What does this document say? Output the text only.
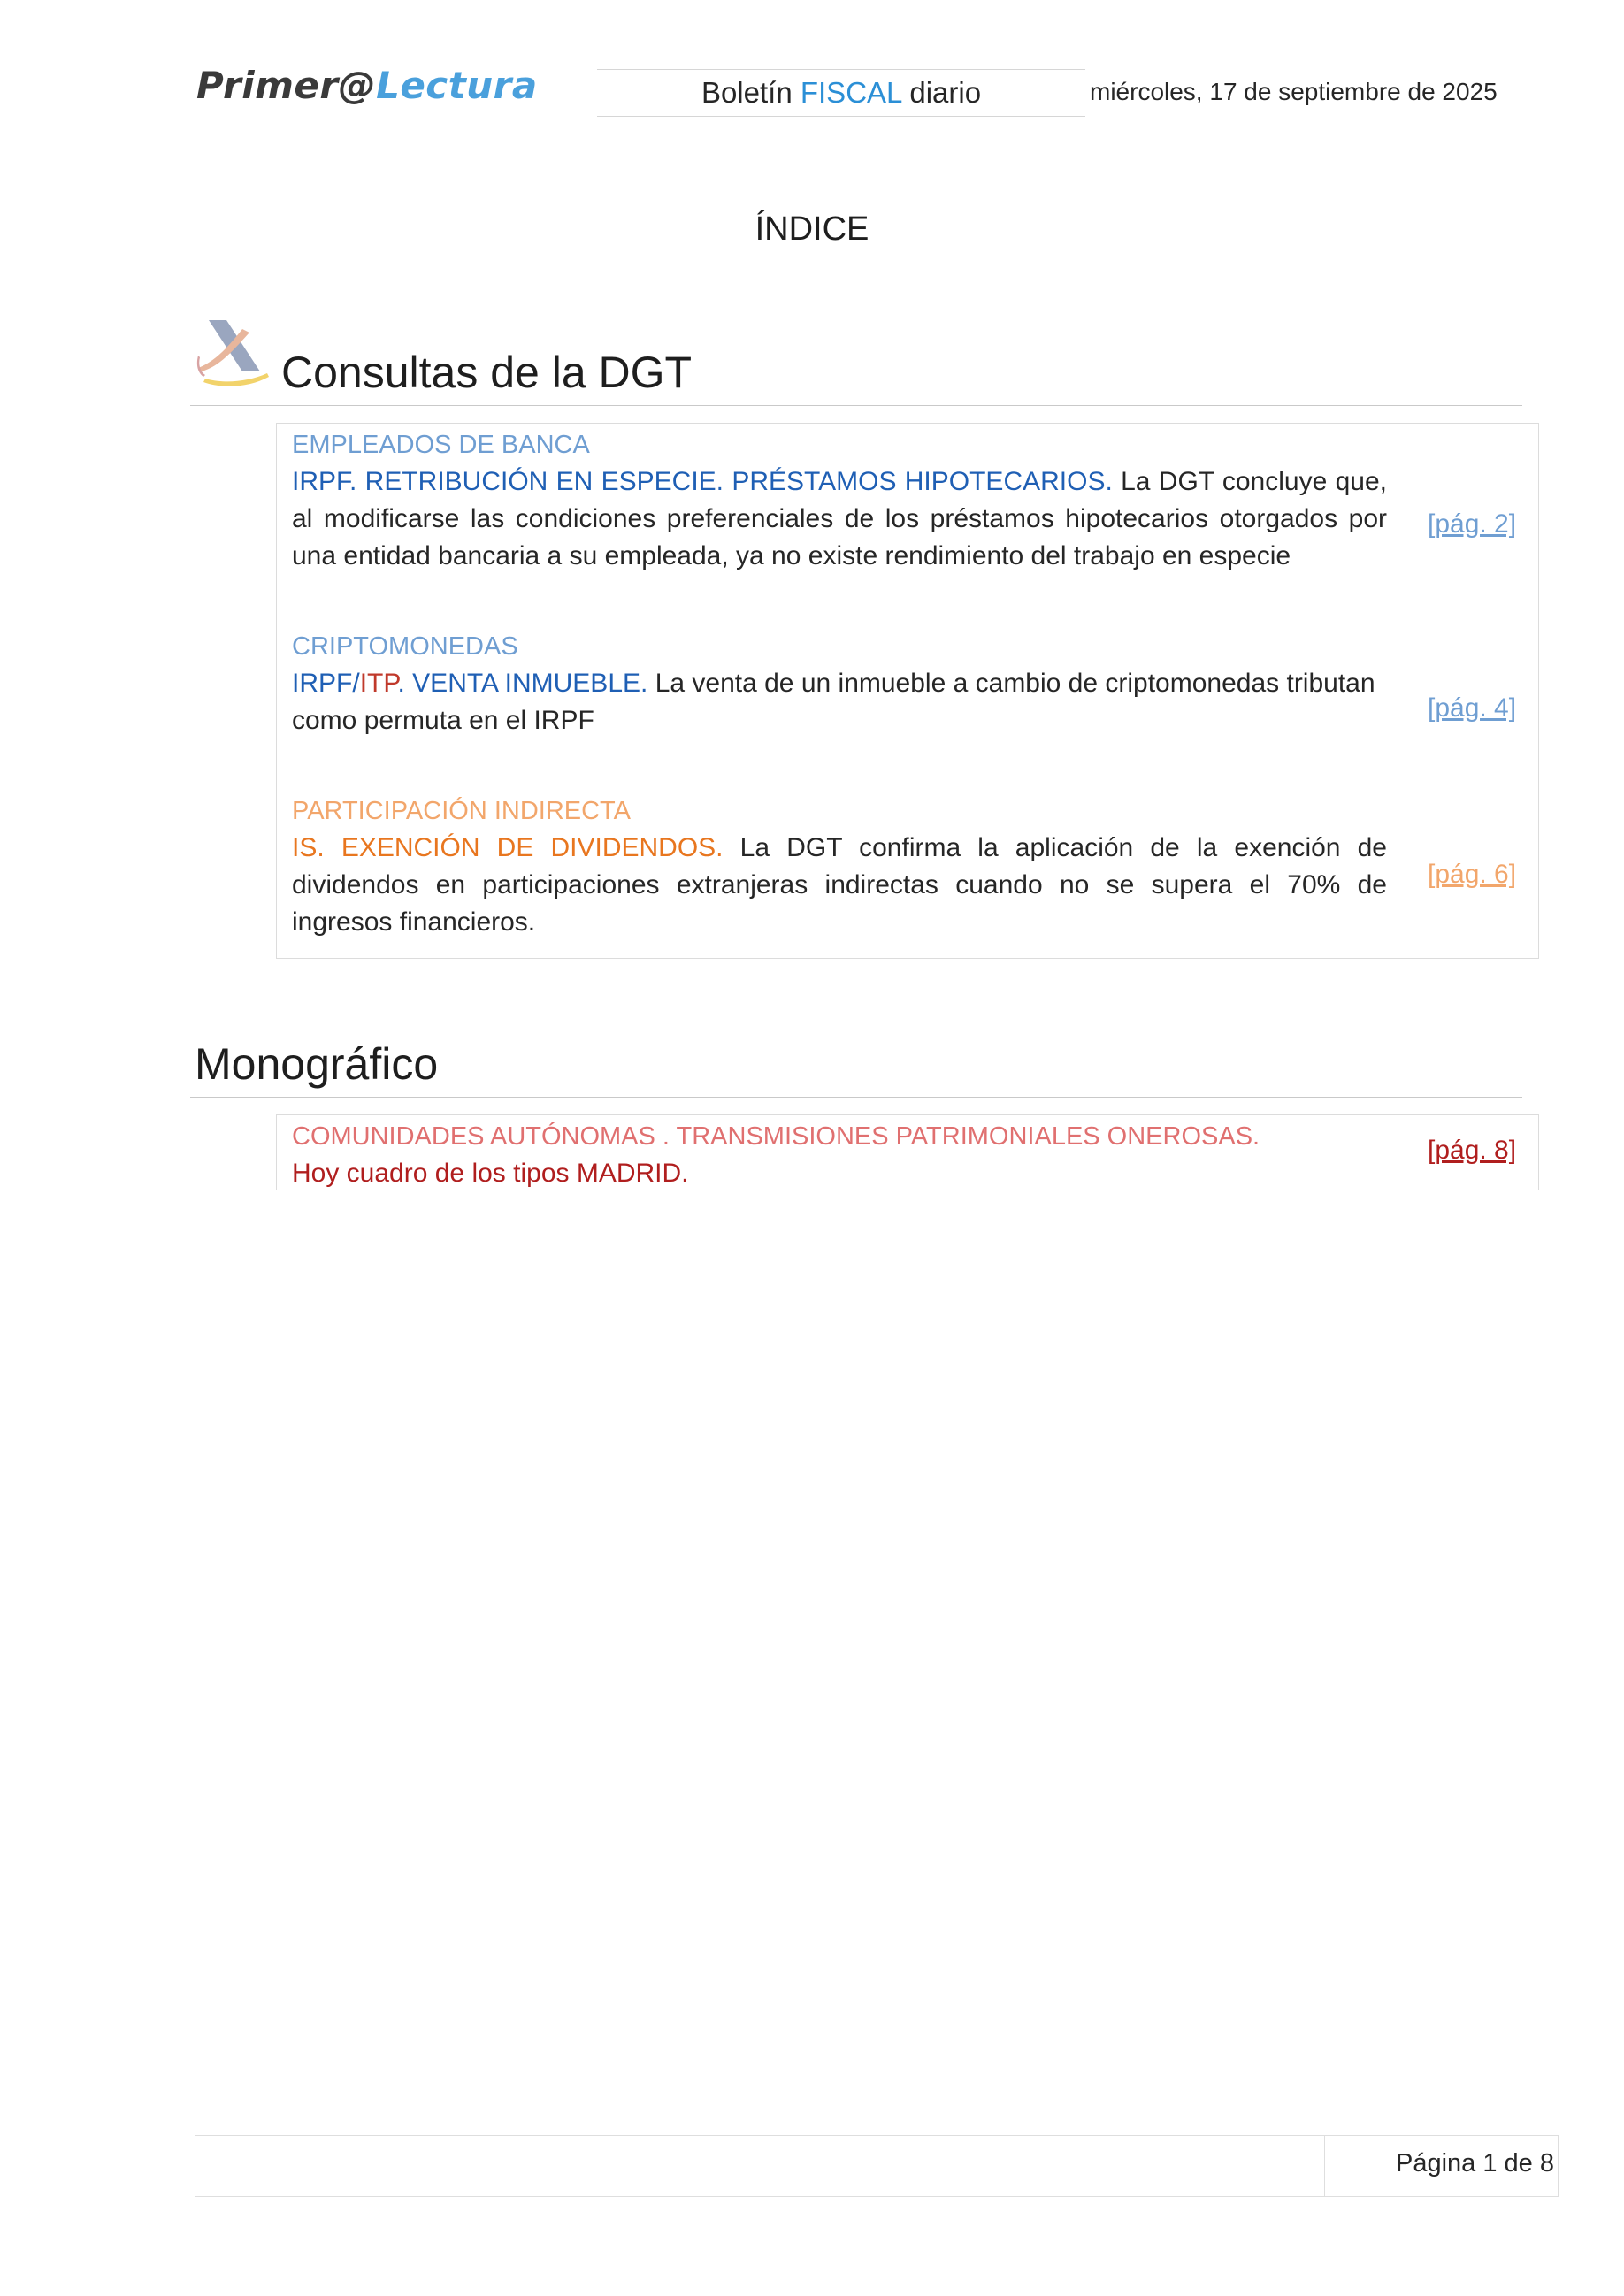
Primer@Lectura	Boletín FISCAL diario	miércoles, 17 de septiembre de 2025
ÍNDICE
Consultas de la DGT
EMPLEADOS DE BANCA
IRPF. RETRIBUCIÓN EN ESPECIE. PRÉSTAMOS HIPOTECARIOS. La DGT concluye que, al modificarse las condiciones preferenciales de los préstamos hipotecarios otorgados por una entidad bancaria a su empleada, ya no existe rendimiento del trabajo en especie
[pág. 2]
CRIPTOMONEDAS
IRPF/ITP. VENTA INMUEBLE. La venta de un inmueble a cambio de criptomonedas tributan como permuta en el IRPF	[pág. 4]
PARTICIPACIÓN INDIRECTA
IS. EXENCIÓN DE DIVIDENDOS. La DGT confirma la aplicación de la exención de dividendos en participaciones extranjeras indirectas cuando no se supera el 70% de ingresos financieros.
[pág. 6]
Monográfico
COMUNIDADES AUTÓNOMAS . TRANSMISIONES PATRIMONIALES ONEROSAS.
Hoy cuadro de los tipos MADRID.
[pág. 8]
Página 1 de 8
